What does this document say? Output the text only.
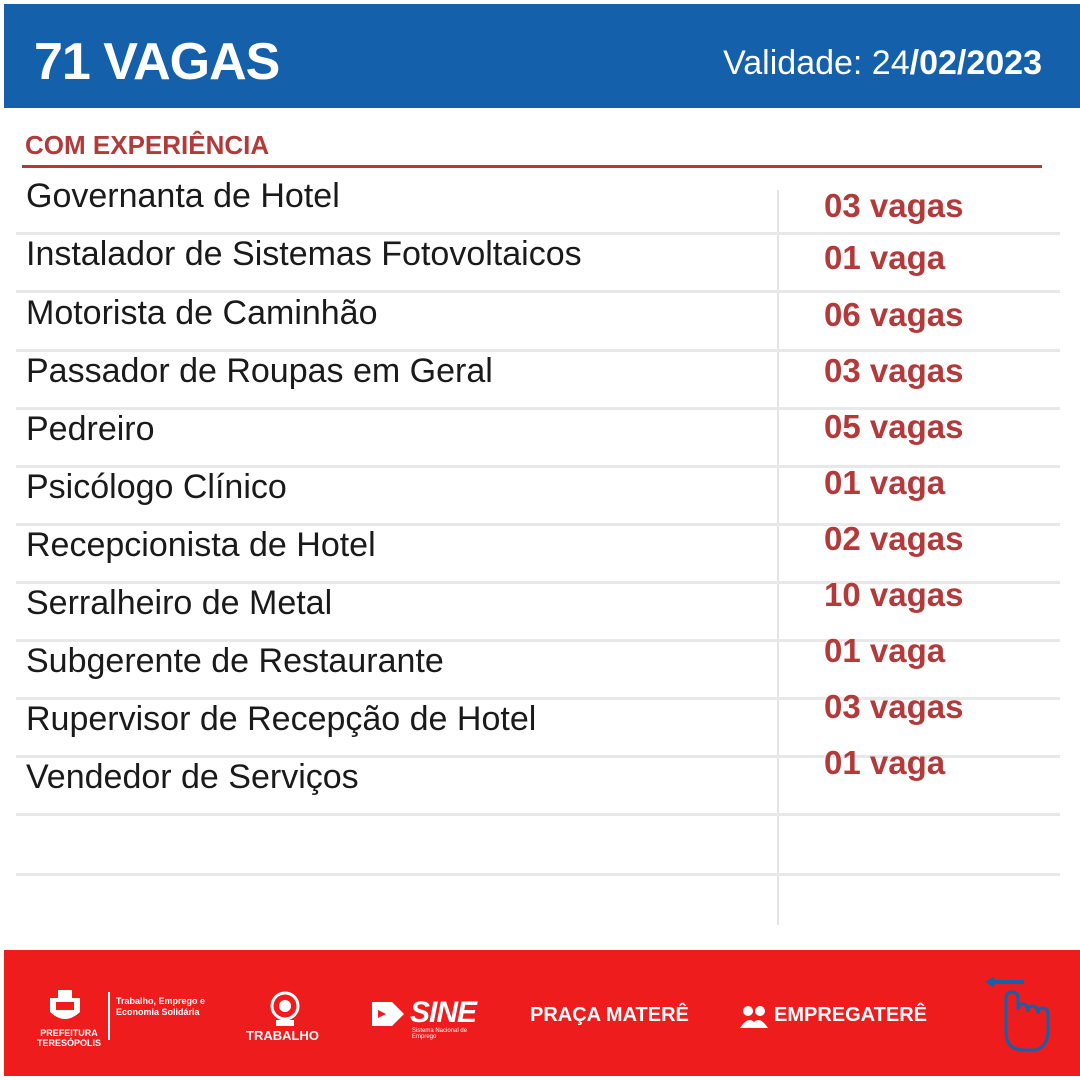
71 VAGAS	Validade: 24/02/2023
COM EXPERIÊNCIA
Governanta de Hotel	03 vagas
Instalador de Sistemas Fotovoltaicos	01 vaga
Motorista de Caminhão	06 vagas
Passador de Roupas em Geral	03 vagas
Pedreiro	05 vagas
Psicólogo Clínico	01 vaga
Recepcionista de Hotel	02 vagas
Serralheiro de Metal	10 vagas
Subgerente de Restaurante	01 vaga
Rupervisor de Recepção de Hotel	03 vagas
Vendedor de Serviços	01 vaga
PREFEITURA TERESÓPOLIS
Trabalho, Emprego e Economia Solidária
TRABALHO
SINE
Sistema Nacional de Emprego
PRAÇA MATERÊ	EMPREGATERÊ
